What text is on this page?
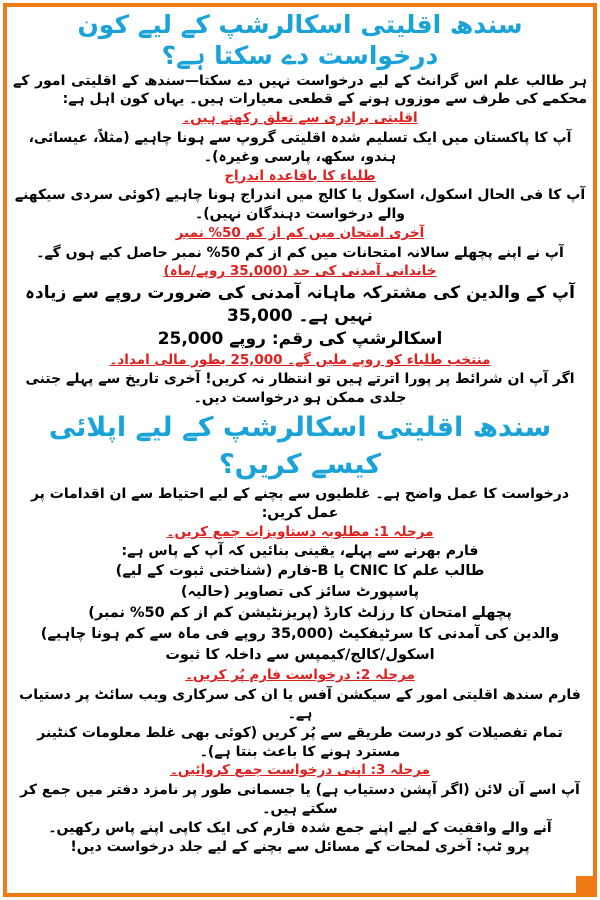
سندھ اقلیتی اسکالرشپ کے لیے کون درخواست دے سکتا ہے؟

ہر طالب علم اس گرانٹ کے لیے درخواست نہیں دے سکتا—سندھ کے اقلیتی امور کے محکمے کی طرف سے موزوں ہونے کے قطعی معیارات ہیں۔ یہاں کون اہل ہے:

اقلیتی برادری سے تعلق رکھتے ہیں۔

آپ کا پاکستان میں ایک تسلیم شدہ اقلیتی گروپ سے ہونا چاہیے (مثلاً، عیسائی، ہندو، سکھ، پارسی وغیرہ)۔

طلباء کا باقاعدہ اندراج

آپ کا فی الحال اسکول، اسکول یا کالج میں اندراج ہونا چاہیے (کوئی سردی سیکھنے والے درخواست دہندگان نہیں)۔

آخری امتحان میں کم از کم 50% نمبر

آپ نے اپنے پچھلے سالانہ امتحانات میں کم از کم 50% نمبر حاصل کیے ہوں گے۔

خاندانی آمدنی کی حد (35,000 روپے/ماہ)

آپ کے والدین کی مشترکہ ماہانہ آمدنی کی ضرورت روپے سے زیادہ نہیں ہے۔ 35,000

اسکالرشپ کی رقم: روپے 25,000

منتخب طلباء کو روپے ملیں گے۔ 25,000 بطور مالی امداد۔

اگر آپ ان شرائط پر پورا اترتے ہیں تو انتظار نہ کریں! آخری تاریخ سے پہلے جتنی جلدی ممکن ہو درخواست دیں۔

سندھ اقلیتی اسکالرشپ کے لیے اپلائی کیسے کریں؟

درخواست کا عمل واضح ہے۔ غلطیوں سے بچنے کے لیے احتیاط سے ان اقدامات پر عمل کریں:

مرحلہ 1: مطلوبہ دستاویزات جمع کریں۔

فارم بھرنے سے پہلے، یقینی بنائیں کہ آپ کے پاس ہے:

طالب علم کا CNIC یا B-فارم (شناختی ثبوت کے لیے)

پاسپورٹ سائز کی تصاویر (حالیہ)

پچھلے امتحان کا رزلٹ کارڈ (پریزنٹیشن کم از کم 50% نمبر)

والدین کی آمدنی کا سرٹیفکیٹ (35,000 روپے فی ماہ سے کم ہونا چاہیے)

اسکول/کالج/کیمپس سے داخلہ کا ثبوت

مرحلہ 2: درخواست فارم پُر کریں۔

فارم سندھ اقلیتی امور کے سیکشن آفس یا ان کی سرکاری ویب سائٹ پر دستیاب ہے۔

تمام تفصیلات کو درست طریقے سے پُر کریں (کوئی بھی غلط معلومات کنٹینر مسترد ہونے کا باعث بنتا ہے)۔

مرحلہ 3: اپنی درخواست جمع کروائیں۔

آپ اسے آن لائن (اگر آپشن دستیاب ہے) یا جسمانی طور پر نامزد دفتر میں جمع کر سکتے ہیں۔

آنے والے واقفیت کے لیے اپنے جمع شدہ فارم کی ایک کاپی اپنے پاس رکھیں۔

پرو ٹپ: آخری لمحات کے مسائل سے بچنے کے لیے جلد درخواست دیں!
